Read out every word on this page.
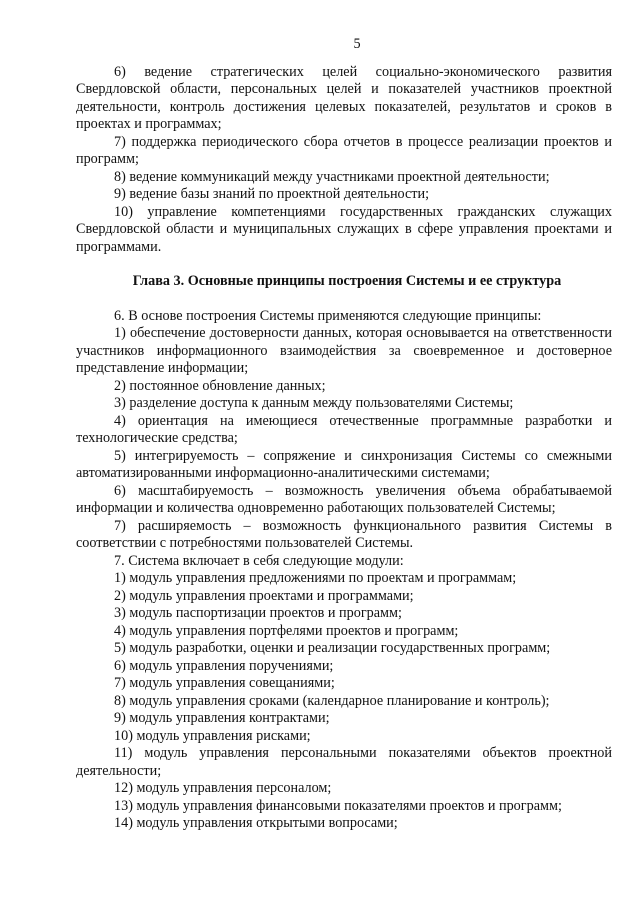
5

6) ведение стратегических целей социально-экономического развития Свердловской области, персональных целей и показателей участников проектной деятельности, контроль достижения целевых показателей, результатов и сроков в проектах и программах;

7) поддержка периодического сбора отчетов в процессе реализации проектов и программ;

8) ведение коммуникаций между участниками проектной деятельности;

9) ведение базы знаний по проектной деятельности;

10) управление компетенциями государственных гражданских служащих Свердловской области и муниципальных служащих в сфере управления проектами и программами.

Глава 3. Основные принципы построения Системы и ее структура

6. В основе построения Системы применяются следующие принципы:

1) обеспечение достоверности данных, которая основывается на ответственности участников информационного взаимодействия за своевременное и достоверное представление информации;

2) постоянное обновление данных;

3) разделение доступа к данным между пользователями Системы;

4) ориентация на имеющиеся отечественные программные разработки и технологические средства;

5) интегрируемость – сопряжение и синхронизация Системы со смежными автоматизированными информационно-аналитическими системами;

6) масштабируемость – возможность увеличения объема обрабатываемой информации и количества одновременно работающих пользователей Системы;

7) расширяемость – возможность функционального развития Системы в соответствии с потребностями пользователей Системы.

7. Система включает в себя следующие модули:

1) модуль управления предложениями по проектам и программам;

2) модуль управления проектами и программами;

3) модуль паспортизации проектов и программ;

4) модуль управления портфелями проектов и программ;

5) модуль разработки, оценки и реализации государственных программ;

6) модуль управления поручениями;

7) модуль управления совещаниями;

8) модуль управления сроками (календарное планирование и контроль);

9) модуль управления контрактами;

10) модуль управления рисками;

11) модуль управления персональными показателями объектов проектной деятельности;

12) модуль управления персоналом;

13) модуль управления финансовыми показателями проектов и программ;

14) модуль управления открытыми вопросами;
